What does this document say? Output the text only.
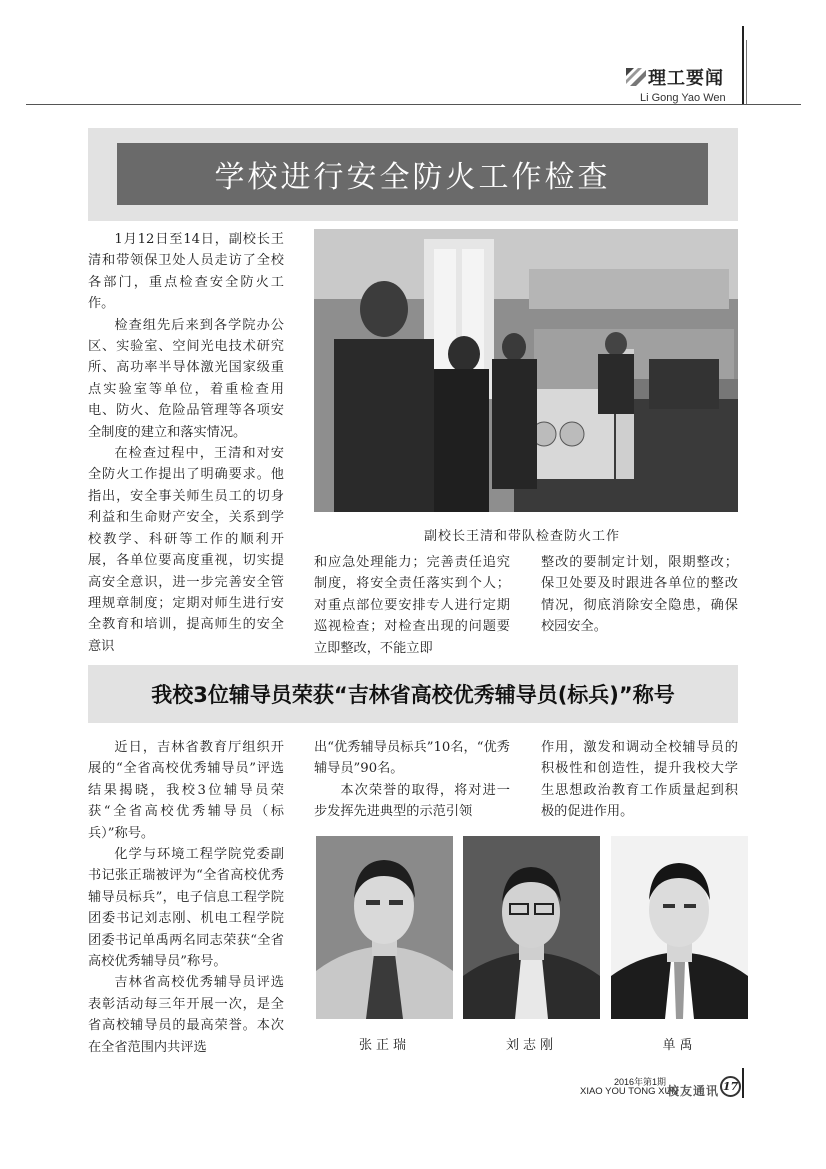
理工要闻
Li Gong Yao Wen
学校进行安全防火工作检查

1月12日至14日，副校长王清和带领保卫处人员走访了全校各部门，重点检查安全防火工作。

检查组先后来到各学院办公区、实验室、空间光电技术研究所、高功率半导体激光国家级重点实验室等单位，着重检查用电、防火、危险品管理等各项安全制度的建立和落实情况。

在检查过程中，王清和对安全防火工作提出了明确要求。他指出，安全事关师生员工的切身利益和生命财产安全，关系到学校教学、科研等工作的顺利开展，各单位要高度重视，切实提高安全意识，进一步完善安全管理规章制度；定期对师生进行安全教育和培训，提高师生的安全意识

副校长王清和带队检查防火工作

和应急处理能力；完善责任追究制度，将安全责任落实到个人；对重点部位要安排专人进行定期巡视检查；对检查出现的问题要立即整改，不能立即

整改的要制定计划，限期整改；保卫处要及时跟进各单位的整改情况，彻底消除安全隐患，确保校园安全。

我校3位辅导员荣获“吉林省高校优秀辅导员(标兵)”称号

近日，吉林省教育厅组织开展的“全省高校优秀辅导员”评选结果揭晓，我校3位辅导员荣获“全省高校优秀辅导员（标兵）”称号。

化学与环境工程学院党委副书记张正瑞被评为“全省高校优秀辅导员标兵”，电子信息工程学院团委书记刘志刚、机电工程学院团委书记单禹两名同志荣获“全省高校优秀辅导员”称号。

吉林省高校优秀辅导员评选表彰活动每三年开展一次，是全省高校辅导员的最高荣誉。本次在全省范围内共评选

出“优秀辅导员标兵”10名，“优秀辅导员”90名。

本次荣誉的取得，将对进一步发挥先进典型的示范引领

作用，激发和调动全校辅导员的积极性和创造性，提升我校大学生思想政治教育工作质量起到积极的促进作用。

张正瑞	刘志刚	单禹
2016年第1期
XIAO YOU TONG XUN
校友通讯 17
